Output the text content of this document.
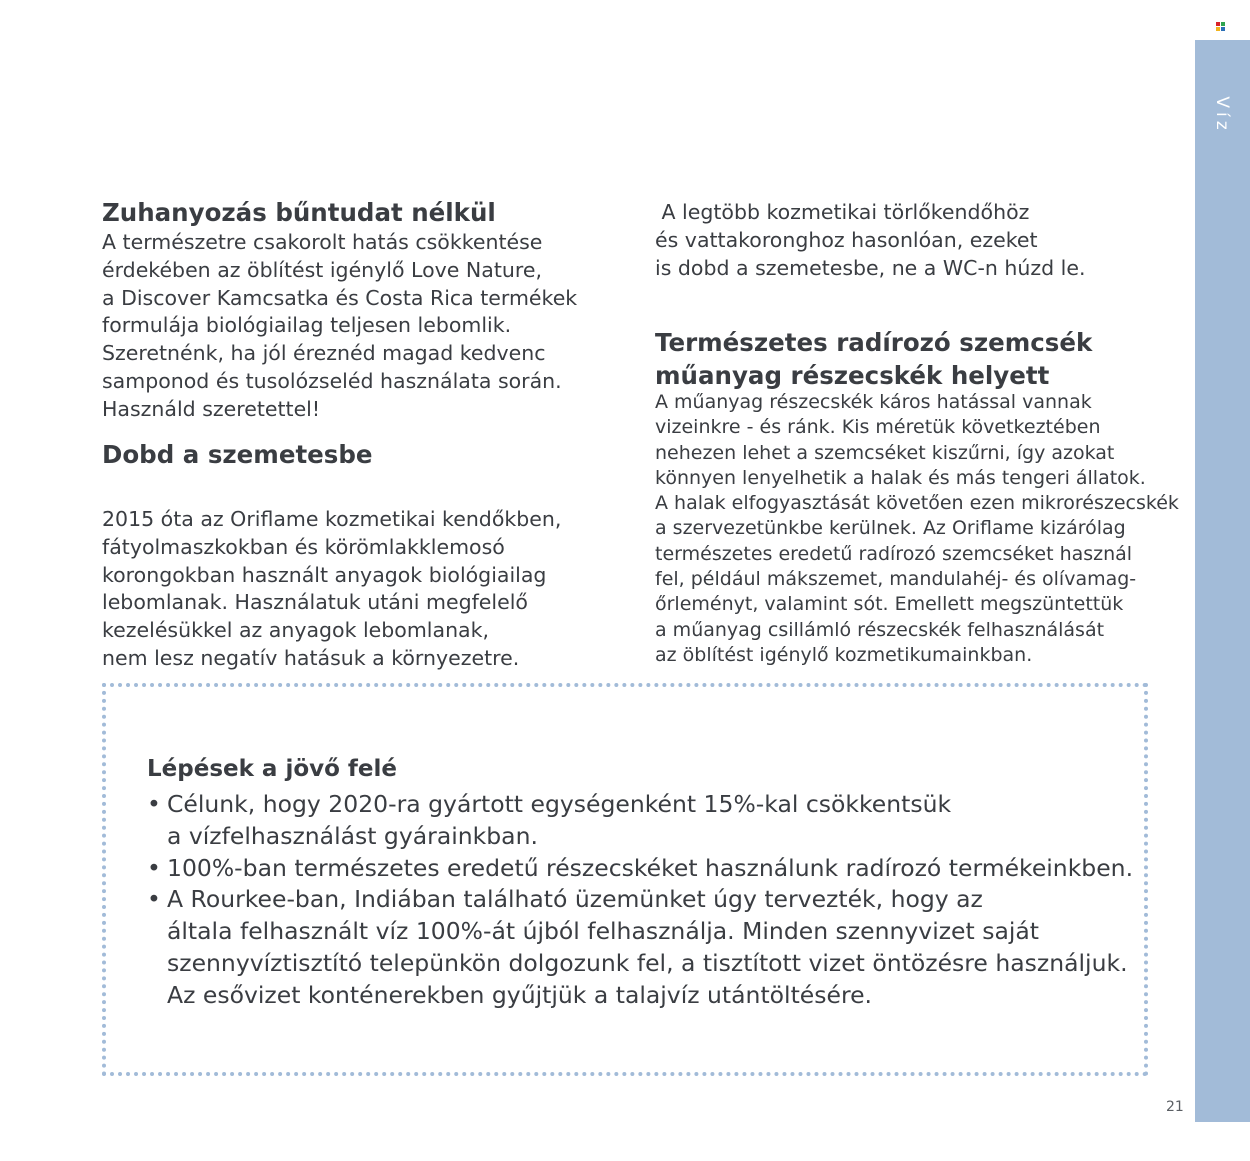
Víz
Zuhanyozás bűntudat nélkül
A természetre csakorolt hatás csökkentése
érdekében az öblítést igénylő Love Nature,
a Discover Kamcsatka és Costa Rica termékek
formulája biológiailag teljesen lebomlik.
Szeretnénk, ha jól éreznéd magad kedvenc
samponod és tusolózseléd használata során.
Használd szeretettel!
Dobd a szemetesbe
2015 óta az Oriflame kozmetikai kendőkben,
fátyolmaszkokban és körömlakklemosó
korongokban használt anyagok biológiailag
lebomlanak. Használatuk utáni megfelelő
kezelésükkel az anyagok lebomlanak,
nem lesz negatív hatásuk a környezetre.
A legtöbb kozmetikai törlőkendőhöz
és vattakoronghoz hasonlóan, ezeket
is dobd a szemetesbe, ne a WC-n húzd le.
Természetes radírozó szemcsék
műanyag részecskék helyett
A műanyag részecskék káros hatással vannak
vizeinkre - és ránk. Kis méretük következtében
nehezen lehet a szemcséket kiszűrni, így azokat
könnyen lenyelhetik a halak és más tengeri állatok.
A halak elfogyasztását követően ezen mikrorészecskék
a szervezetünkbe kerülnek. Az Oriflame kizárólag
természetes eredetű radírozó szemcséket használ
fel, például mákszemet, mandulahéj- és olívamag-
őrleményt, valamint sót. Emellett megszüntettük
a műanyag csillámló részecskék felhasználását
az öblítést igénylő kozmetikumainkban.
Lépések a jövő felé
• Célunk, hogy 2020-ra gyártott egységenként 15%-kal csökkentsük
a vízfelhasználást gyárainkban.
• 100%-ban természetes eredetű részecskéket használunk radírozó termékeinkben.
• A Rourkee-ban, Indiában található üzemünket úgy tervezték, hogy az
általa felhasznált víz 100%-át újból felhasználja. Minden szennyvizet saját
szennyvíztisztító telepünkön dolgozunk fel, a tisztított vizet öntözésre használjuk.
Az esővizet konténerekben gyűjtjük a talajvíz utántöltésére.
21
